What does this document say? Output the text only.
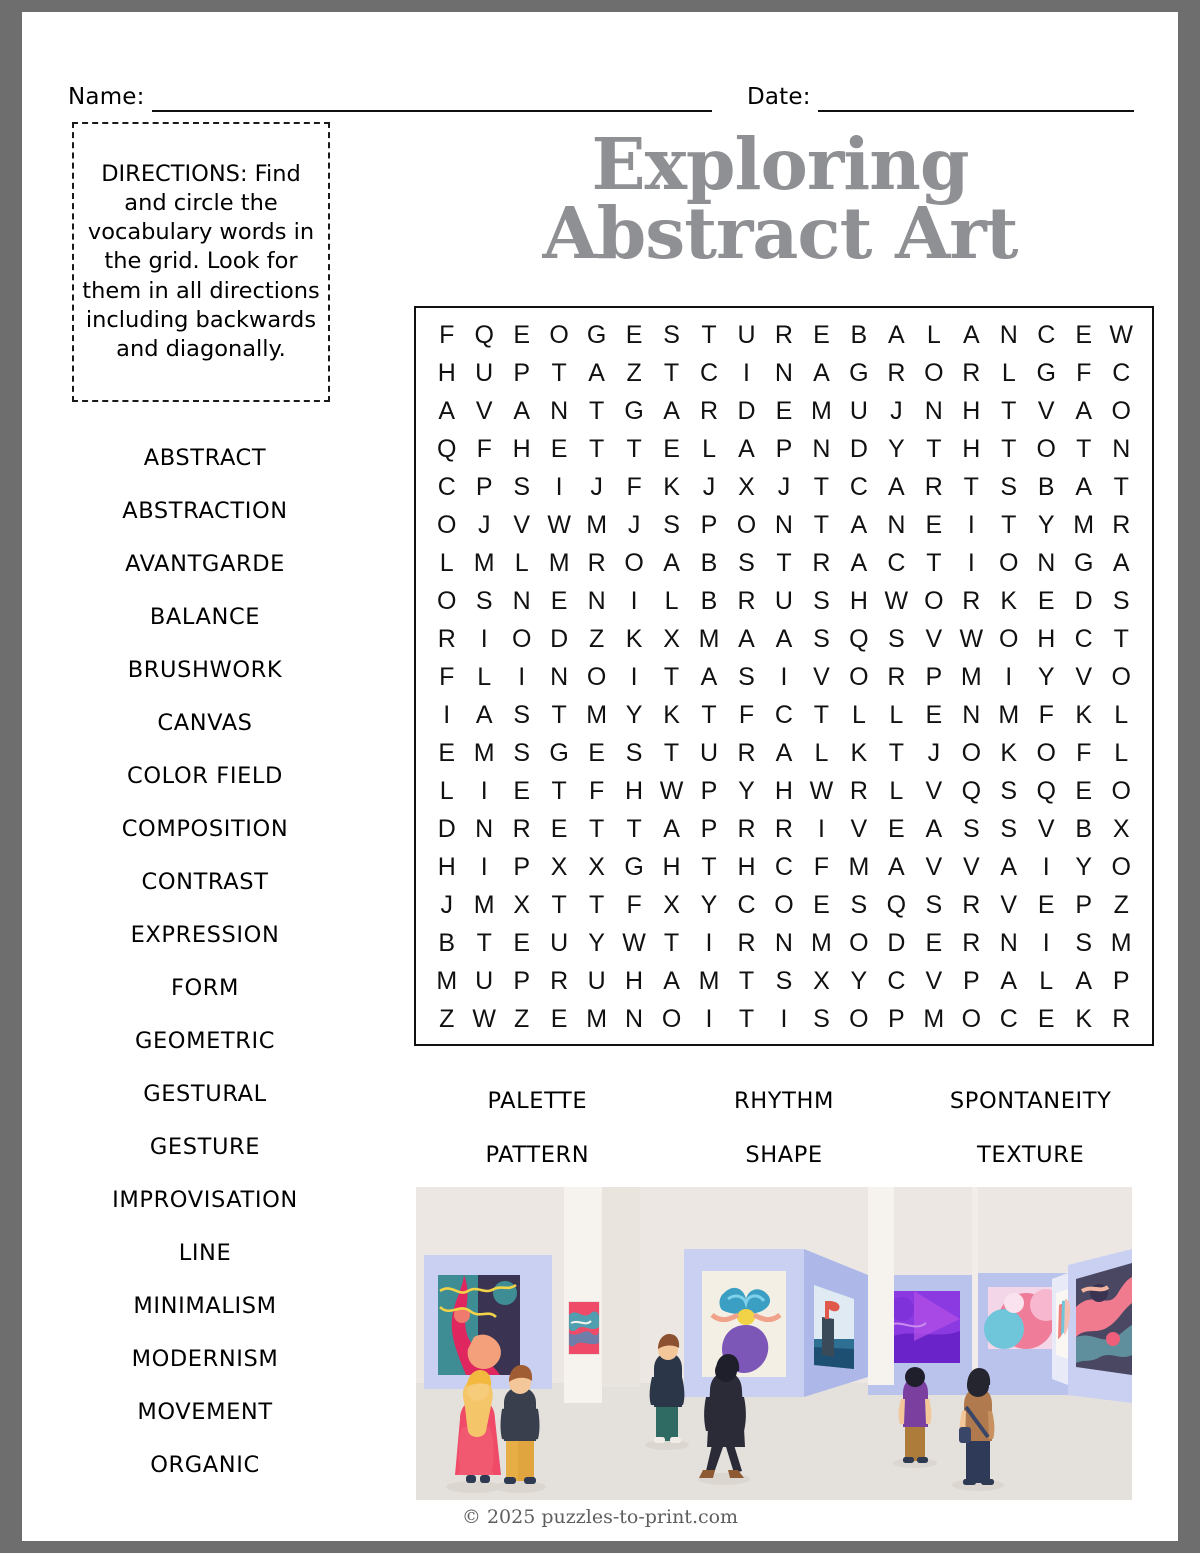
Name:	Date:

DIRECTIONS: Find and circle the vocabulary words in the grid. Look for them in all directions including backwards and diagonally.

Exploring
Abstract Art
ABSTRACT
ABSTRACTION
AVANTGARDE
BALANCE
BRUSHWORK
CANVAS
COLOR FIELD
COMPOSITION
CONTRAST
EXPRESSION
FORM
GEOMETRIC
GESTURAL
GESTURE
IMPROVISATION
LINE
MINIMALISM
MODERNISM
MOVEMENT
ORGANIC
F	Q	E	O	G	E	S	T	U	R	E	B	A	L	A	N	C	E	W
H	U	P	T	A	Z	T	C	I	N	A	G	R	O	R	L	G	F	C
A	V	A	N	T	G	A	R	D	E	M	U	J	N	H	T	V	A	O
Q	F	H	E	T	T	E	L	A	P	N	D	Y	T	H	T	O	T	N
C	P	S	I	J	F	K	J	X	J	T	C	A	R	T	S	B	A	T
O	J	V	W	M	J	S	P	O	N	T	A	N	E	I	T	Y	M	R
L	M	L	M	R	O	A	B	S	T	R	A	C	T	I	O	N	G	A
O	S	N	E	N	I	L	B	R	U	S	H	W	O	R	K	E	D	S
R	I	O	D	Z	K	X	M	A	A	S	Q	S	V	W	O	H	C	T
F	L	I	N	O	I	T	A	S	I	V	O	R	P	M	I	Y	V	O
I	A	S	T	M	Y	K	T	F	C	T	L	L	E	N	M	F	K	L
E	M	S	G	E	S	T	U	R	A	L	K	T	J	O	K	O	F	L
L	I	E	T	F	H	W	P	Y	H	W	R	L	V	Q	S	Q	E	O
D	N	R	E	T	T	A	P	R	R	I	V	E	A	S	S	V	B	X
H	I	P	X	X	G	H	T	H	C	F	M	A	V	V	A	I	Y	O
J	M	X	T	T	F	X	Y	C	O	E	S	Q	S	R	V	E	P	Z
B	T	E	U	Y	W	T	I	R	N	M	O	D	E	R	N	I	S	M
M	U	P	R	U	H	A	M	T	S	X	Y	C	V	P	A	L	A	P
Z	W	Z	E	M	N	O	I	T	I	S	O	P	M	O	C	E	K	R
PALETTE	RHYTHM	SPONTANEITY
PATTERN	SHAPE	TEXTURE
© 2025 puzzles-to-print.com
